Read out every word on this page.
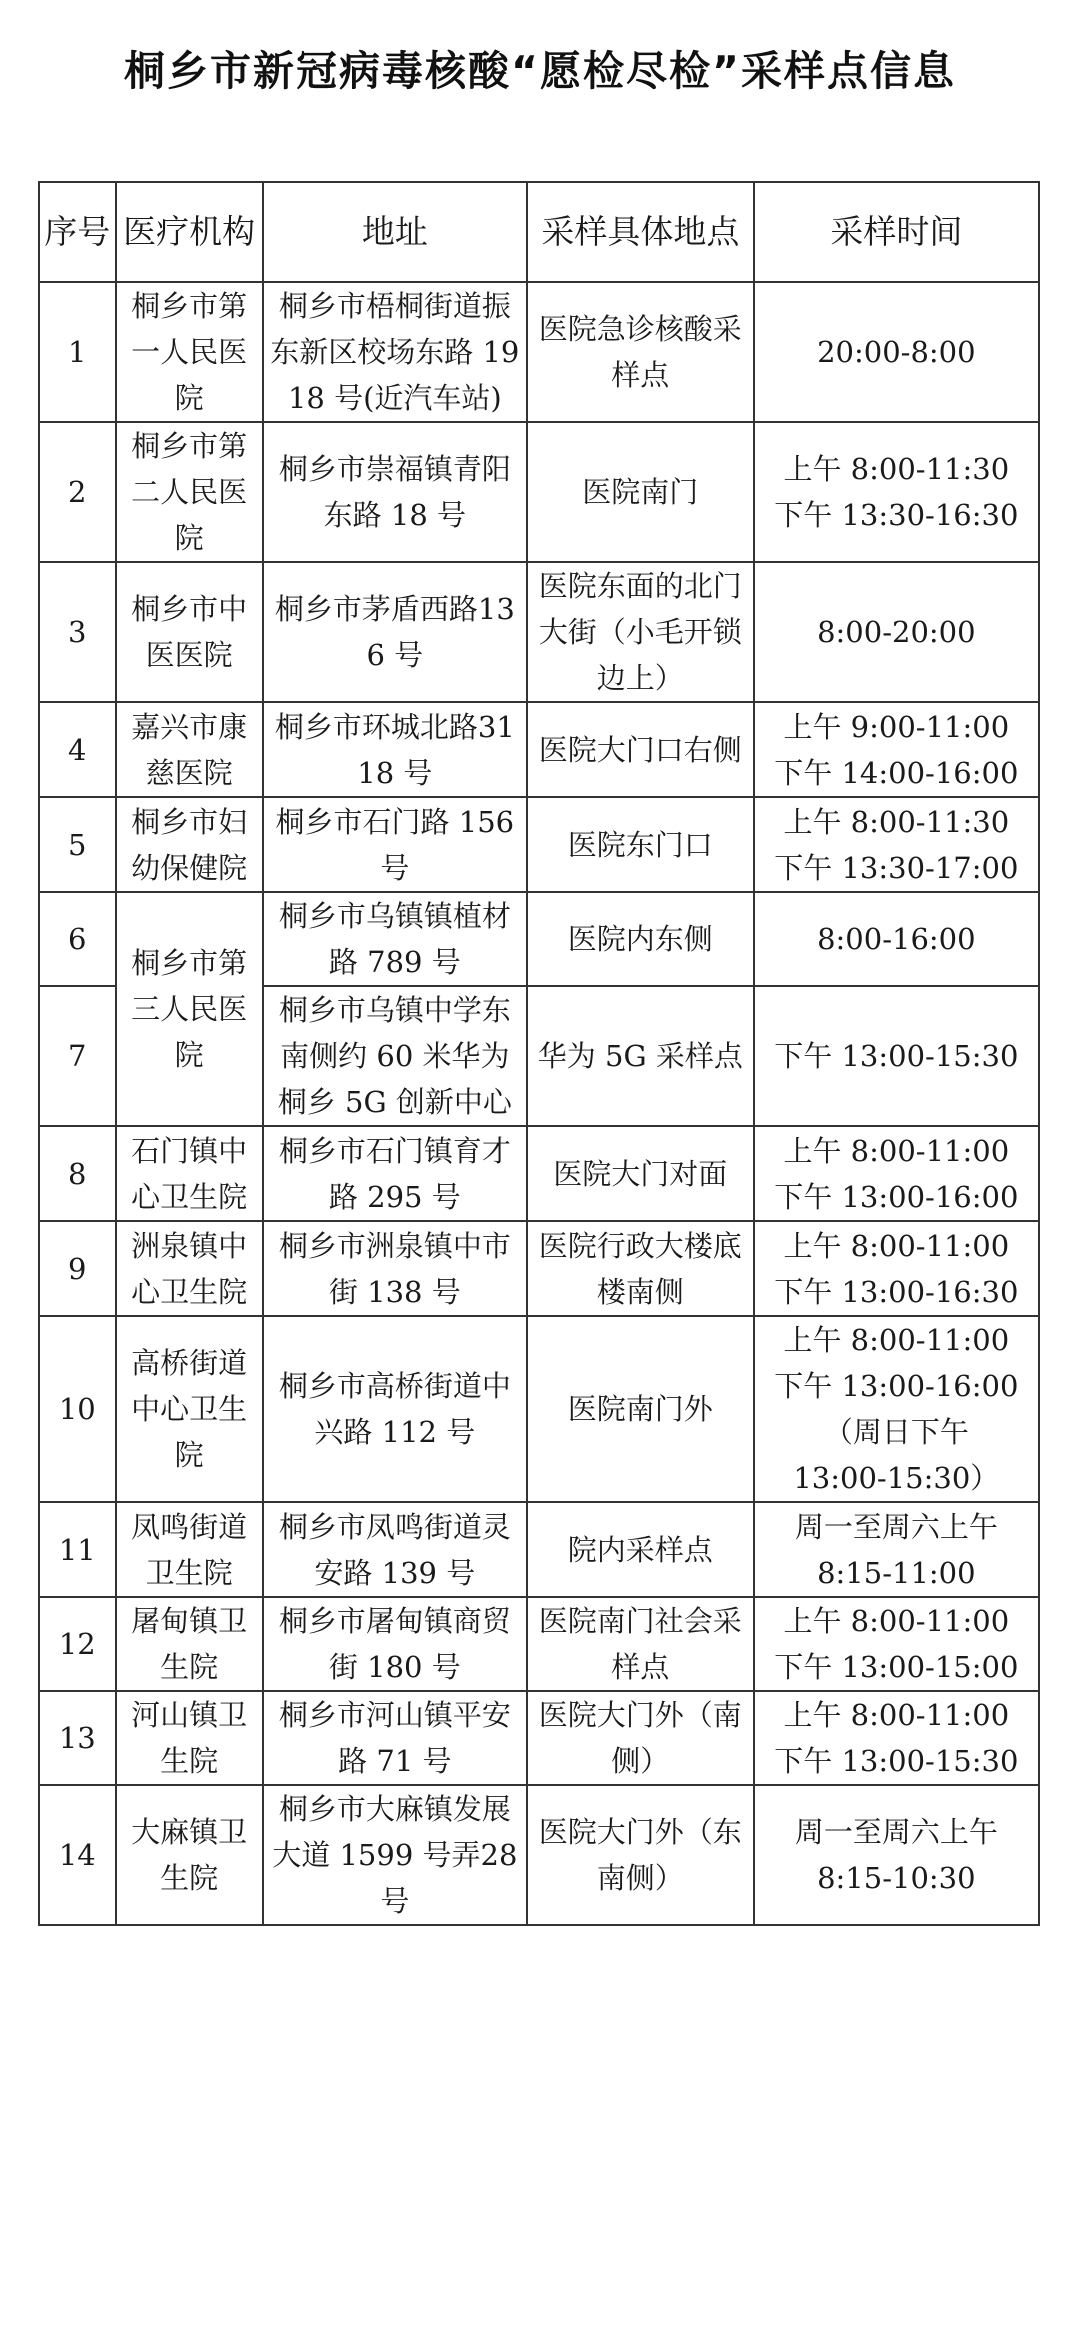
桐乡市新冠病毒核酸“愿检尽检”采样点信息
序号	医疗机构	地址	采样具体地点	采样时间
1	桐乡市第一人民医院	桐乡市梧桐街道振东新区校场东路 1918 号(近汽车站)	医院急诊核酸采样点	20:00-8:00

2	桐乡市第二人民医院	桐乡市崇福镇青阳东路 18 号	医院南门	上午 8:00-11:30
下午 13:30-16:30

3	桐乡市中医医院	桐乡市茅盾西路136 号	医院东面的北门大街（小毛开锁边上）	8:00-20:00

4	嘉兴市康慈医院	桐乡市环城北路3118 号	医院大门口右侧	上午 9:00-11:00
下午 14:00-16:00

5	桐乡市妇幼保健院	桐乡市石门路 156号	医院东门口	上午 8:00-11:30
下午 13:30-17:00

6	桐乡市第三人民医院	桐乡市乌镇镇植材路 789 号	医院内东侧	8:00-16:00

7		桐乡市乌镇中学东南侧约 60 米华为桐乡 5G 创新中心	华为 5G 采样点	下午 13:00-15:30

8	石门镇中心卫生院	桐乡市石门镇育才路 295 号	医院大门对面	上午 8:00-11:00
下午 13:00-16:00

9	洲泉镇中心卫生院	桐乡市洲泉镇中市街 138 号	医院行政大楼底楼南侧	上午 8:00-11:00
下午 13:00-16:30

10	高桥街道中心卫生院	桐乡市高桥街道中兴路 112 号	医院南门外	上午 8:00-11:00
下午 13:00-16:00
（周日下午
13:00-15:30）

11	凤鸣街道卫生院	桐乡市凤鸣街道灵安路 139 号	院内采样点	周一至周六上午
8:15-11:00

12	屠甸镇卫生院	桐乡市屠甸镇商贸街 180 号	医院南门社会采样点	上午 8:00-11:00
下午 13:00-15:00

13	河山镇卫生院	桐乡市河山镇平安路 71 号	医院大门外（南侧）	上午 8:00-11:00
下午 13:00-15:30

14	大麻镇卫生院	桐乡市大麻镇发展大道 1599 号弄28 号	医院大门外（东南侧）	周一至周六上午
8:15-10:30
